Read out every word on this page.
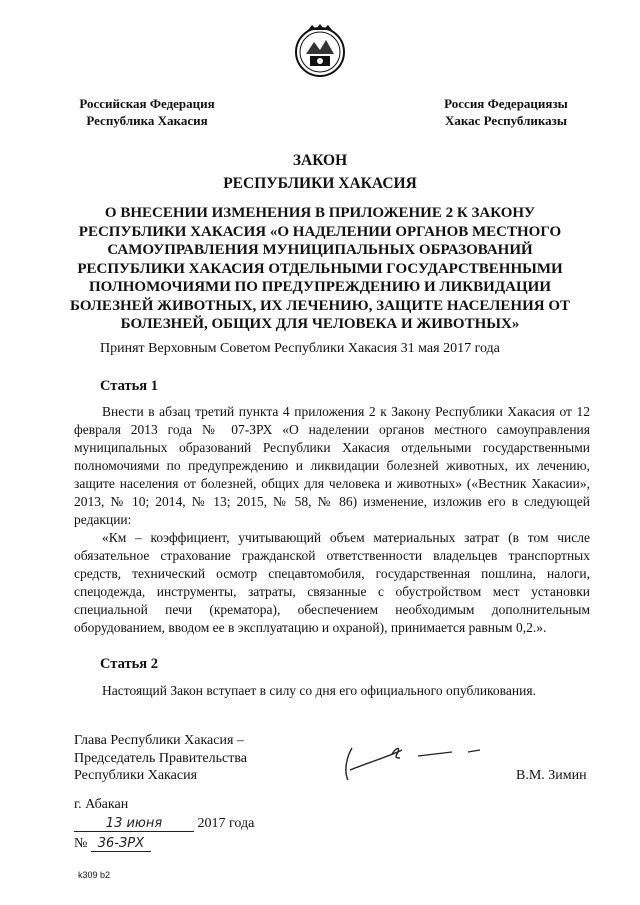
Российская Федерация
Республика Хакасия
Россия Федерациязы
Хакас Республиказы
ЗАКОН
РЕСПУБЛИКИ ХАКАСИЯ
О ВНЕСЕНИИ ИЗМЕНЕНИЯ В ПРИЛОЖЕНИЕ 2 К ЗАКОНУ РЕСПУБЛИКИ ХАКАСИЯ «О НАДЕЛЕНИИ ОРГАНОВ МЕСТНОГО САМОУПРАВЛЕНИЯ МУНИЦИПАЛЬНЫХ ОБРАЗОВАНИЙ РЕСПУБЛИКИ ХАКАСИЯ ОТДЕЛЬНЫМИ ГОСУДАРСТВЕННЫМИ ПОЛНОМОЧИЯМИ ПО ПРЕДУПРЕЖДЕНИЮ И ЛИКВИДАЦИИ БОЛЕЗНЕЙ ЖИВОТНЫХ, ИХ ЛЕЧЕНИЮ, ЗАЩИТЕ НАСЕЛЕНИЯ ОТ БОЛЕЗНЕЙ, ОБЩИХ ДЛЯ ЧЕЛОВЕКА И ЖИВОТНЫХ»
Принят Верховным Советом Республики Хакасия 31 мая 2017 года
Статья 1

Внести в абзац третий пункта 4 приложения 2 к Закону Республики Хакасия от 12 февраля 2013 года № 07-ЗРХ «О наделении органов местного самоуправления муниципальных образований Республики Хакасия отдельными государственными полномочиями по предупреждению и ликвидации болезней животных, их лечению, защите населения от болезней, общих для человека и животных» («Вестник Хакасии», 2013, № 10; 2014, № 13; 2015, № 58, № 86) изменение, изложив его в следующей редакции:

«Км – коэффициент, учитывающий объем материальных затрат (в том числе обязательное страхование гражданской ответственности владельцев транспортных средств, технический осмотр спецавтомобиля, государственная пошлина, налоги, спецодежда, инструменты, затраты, связанные с обустройством мест установки специальной печи (крематора), обеспечением необходимым дополнительным оборудованием, вводом ее в эксплуатацию и охраной), принимается равным 0,2.».

Статья 2

Настоящий Закон вступает в силу со дня его официального опубликования.

Глава Республики Хакасия –
Председатель Правительства
Республики Хакасия	В.М. Зимин
г. Абакан
13 июня	2017 года
№ 36-ЗРХ
k309 b2
